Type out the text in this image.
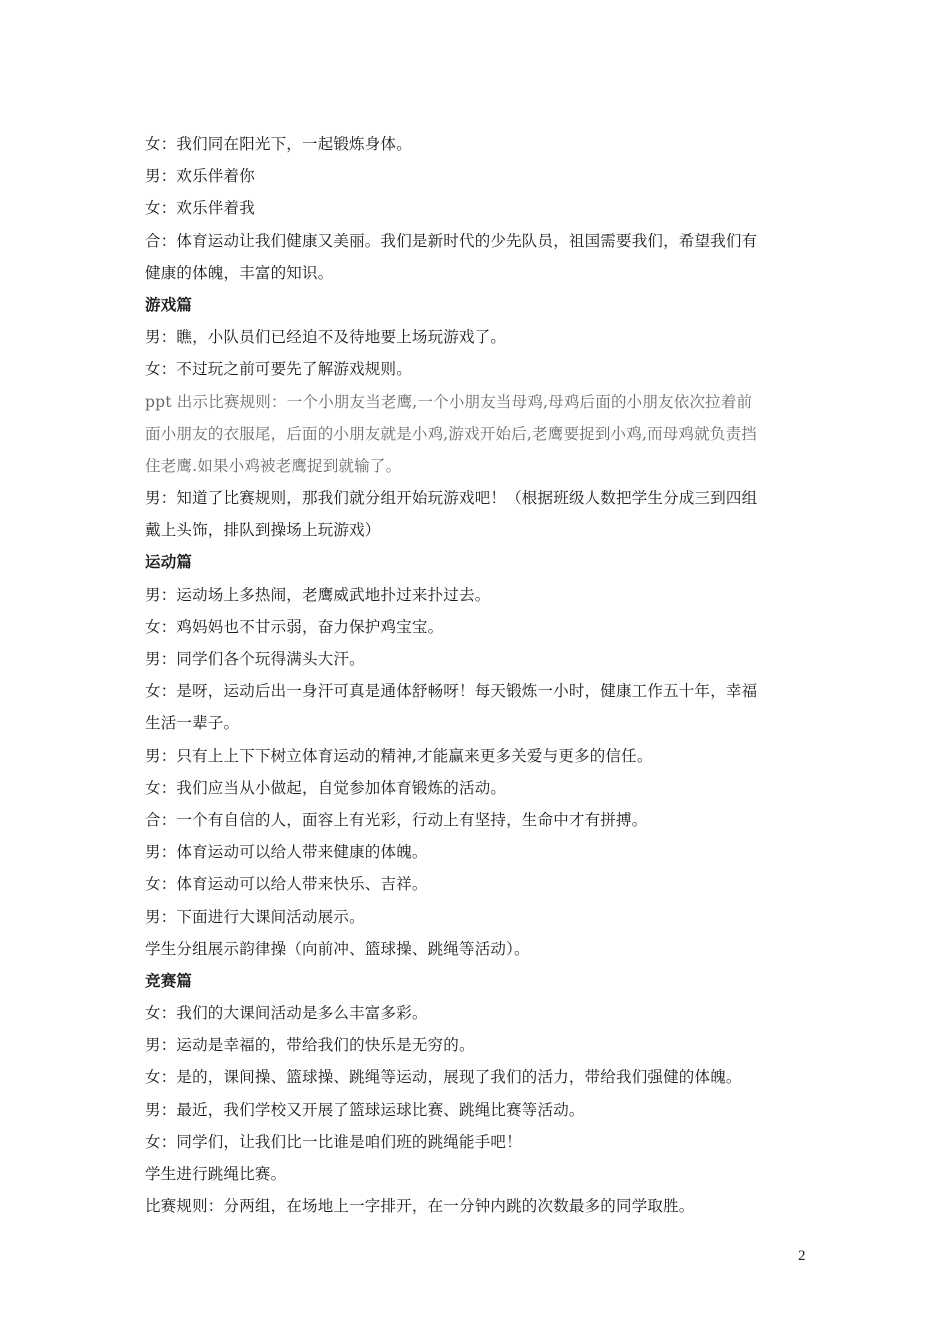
女：我们同在阳光下，一起锻炼身体。
男：欢乐伴着你
女：欢乐伴着我
合：体育运动让我们健康又美丽。我们是新时代的少先队员，祖国需要我们，希望我们有
健康的体魄，丰富的知识。
游戏篇
男：瞧，小队员们已经迫不及待地要上场玩游戏了。
女：不过玩之前可要先了解游戏规则。
ppt 出示比赛规则：一个小朋友当老鹰,一个小朋友当母鸡,母鸡后面的小朋友依次拉着前
面小朋友的衣服尾，后面的小朋友就是小鸡,游戏开始后,老鹰要捉到小鸡,而母鸡就负责挡
住老鹰.如果小鸡被老鹰捉到就输了。
男：知道了比赛规则，那我们就分组开始玩游戏吧！（根据班级人数把学生分成三到四组
戴上头饰，排队到操场上玩游戏）
运动篇
男：运动场上多热闹，老鹰威武地扑过来扑过去。
女：鸡妈妈也不甘示弱，奋力保护鸡宝宝。
男：同学们各个玩得满头大汗。
女：是呀，运动后出一身汗可真是通体舒畅呀！每天锻炼一小时，健康工作五十年，幸福
生活一辈子。
男：只有上上下下树立体育运动的精神,才能赢来更多关爱与更多的信任。
女：我们应当从小做起，自觉参加体育锻炼的活动。
合：一个有自信的人，面容上有光彩，行动上有坚持，生命中才有拼搏。
男：体育运动可以给人带来健康的体魄。
女：体育运动可以给人带来快乐、吉祥。
男：下面进行大课间活动展示。
学生分组展示韵律操（向前冲、篮球操、跳绳等活动）。
竞赛篇
女：我们的大课间活动是多么丰富多彩。
男：运动是幸福的，带给我们的快乐是无穷的。
女：是的，课间操、篮球操、跳绳等运动，展现了我们的活力，带给我们强健的体魄。
男：最近，我们学校又开展了篮球运球比赛、跳绳比赛等活动。
女：同学们，让我们比一比谁是咱们班的跳绳能手吧！
学生进行跳绳比赛。
比赛规则：分两组，在场地上一字排开，在一分钟内跳的次数最多的同学取胜。
2
